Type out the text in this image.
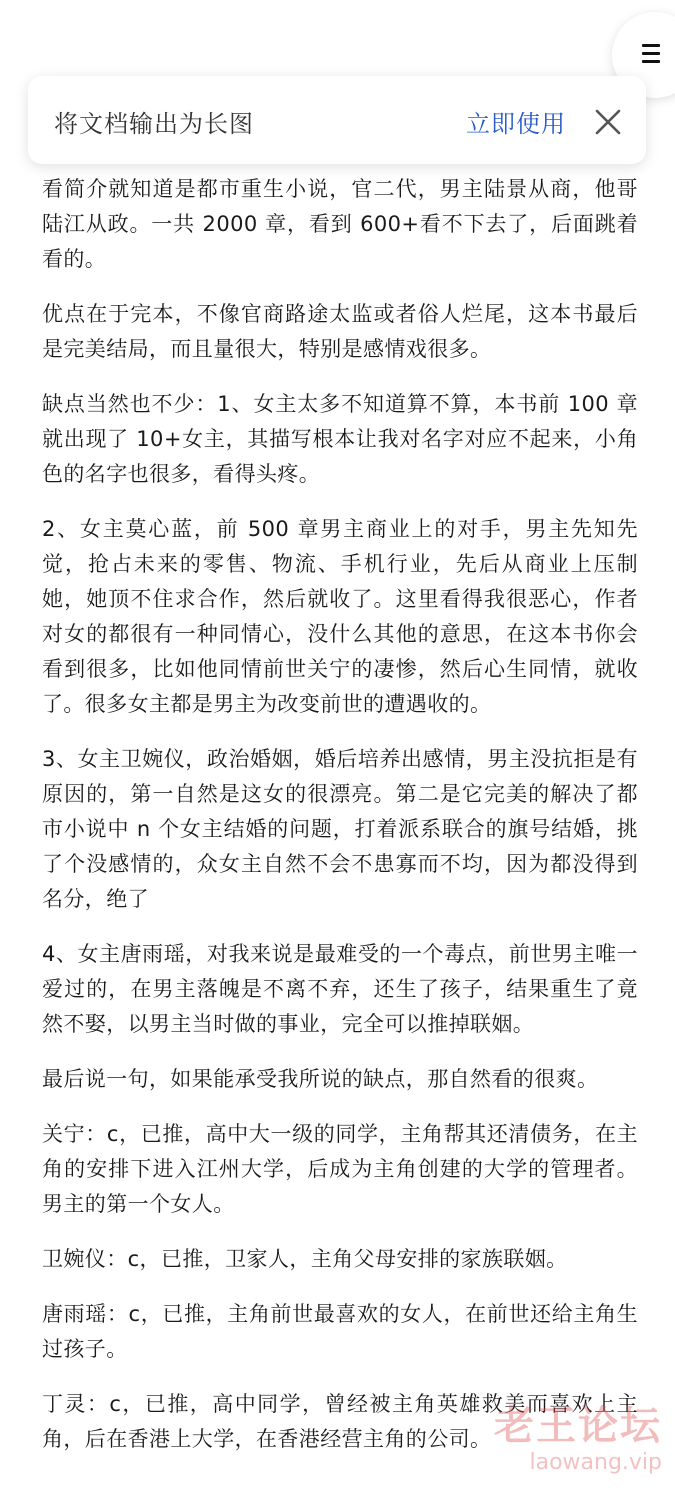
将文档输出为长图	立即使用

看简介就知道是都市重生小说，官二代，男主陆景从商，他哥陆江从政。一共 2000 章，看到 600+看不下去了，后面跳着看的。

优点在于完本，不像官商路途太监或者俗人烂尾，这本书最后是完美结局，而且量很大，特别是感情戏很多。

缺点当然也不少：1、女主太多不知道算不算，本书前 100 章就出现了 10+女主，其描写根本让我对名字对应不起来，小角色的名字也很多，看得头疼。

2、女主莫心蓝，前 500 章男主商业上的对手，男主先知先觉，抢占未来的零售、物流、手机行业，先后从商业上压制她，她顶不住求合作，然后就收了。这里看得我很恶心，作者对女的都很有一种同情心，没什么其他的意思，在这本书你会看到很多，比如他同情前世关宁的凄惨，然后心生同情，就收了。很多女主都是男主为改变前世的遭遇收的。

3、女主卫婉仪，政治婚姻，婚后培养出感情，男主没抗拒是有原因的，第一自然是这女的很漂亮。第二是它完美的解决了都市小说中 n 个女主结婚的问题，打着派系联合的旗号结婚，挑了个没感情的，众女主自然不会不患寡而不均，因为都没得到名分，绝了

4、女主唐雨瑶，对我来说是最难受的一个毒点，前世男主唯一爱过的，在男主落魄是不离不弃，还生了孩子，结果重生了竟然不娶，以男主当时做的事业，完全可以推掉联姻。

最后说一句，如果能承受我所说的缺点，那自然看的很爽。

关宁：c，已推，高中大一级的同学，主角帮其还清债务，在主角的安排下进入江州大学，后成为主角创建的大学的管理者。男主的第一个女人。

卫婉仪：c，已推，卫家人，主角父母安排的家族联姻。

唐雨瑶：c，已推，主角前世最喜欢的女人，在前世还给主角生过孩子。

丁灵：c，已推，高中同学，曾经被主角英雄救美而喜欢上主角，后在香港上大学，在香港经营主角的公司。 老王论坛
laowang.vip
